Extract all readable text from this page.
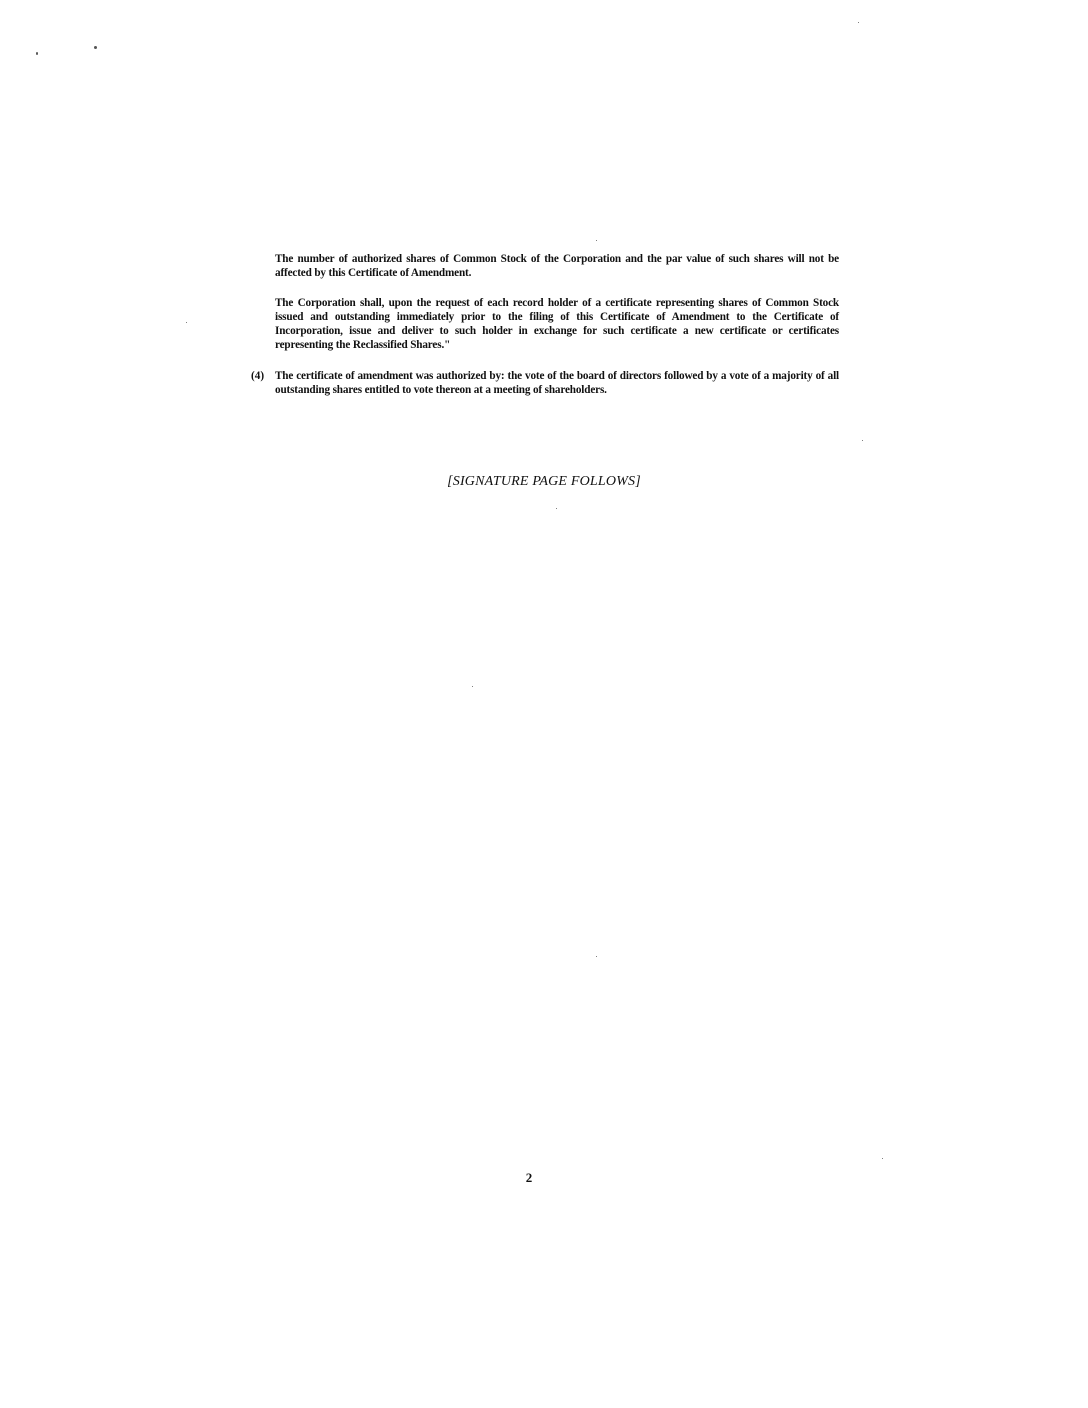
The number of authorized shares of Common Stock of the Corporation and the par value of such shares will not be affected by this Certificate of Amendment.

The Corporation shall, upon the request of each record holder of a certificate representing shares of Common Stock issued and outstanding immediately prior to the filing of this Certificate of Amendment to the Certificate of Incorporation, issue and deliver to such holder in exchange for such certificate a new certificate or certificates representing the Reclassified Shares."

(4) The certificate of amendment was authorized by: the vote of the board of directors followed by a vote of a majority of all outstanding shares entitled to vote thereon at a meeting of shareholders.

[SIGNATURE PAGE FOLLOWS]
2
